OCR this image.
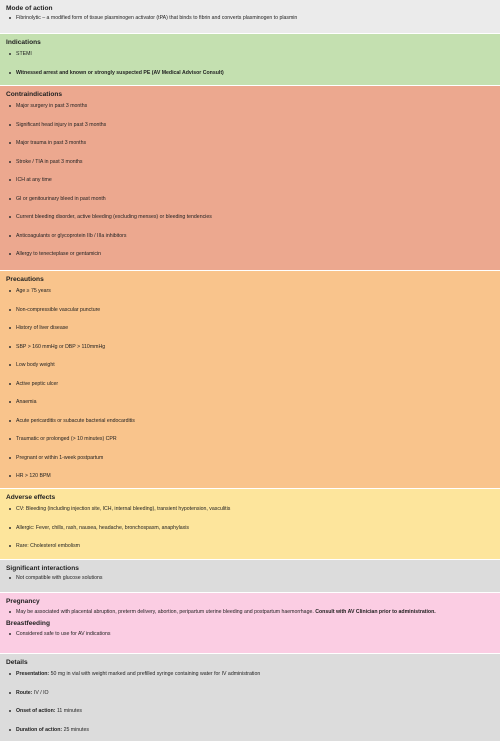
Mode of action
Fibrinolytic – a modified form of tissue plasminogen activator (tPA) that binds to fibrin and converts plasminogen to plasmin
Indications
STEMI
Witnessed arrest and known or strongly suspected PE (AV Medical Advisor Consult)
Contraindications
Major surgery in past 3 months
Significant head injury in past 3 months
Major trauma in past 3 months
Stroke / TIA in past 3 months
ICH at any time
GI or genitourinary bleed in past month
Current bleeding disorder, active bleeding (excluding menses) or bleeding tendencies
Anticoagulants or glycoprotein IIb / IIIa inhibitors
Allergy to tenecteplase or gentamicin
Precautions
Age ≥ 75 years
Non-compressible vascular puncture
History of liver disease
SBP > 160 mmHg or DBP > 110mmHg
Low body weight
Active peptic ulcer
Anaemia
Acute pericarditis or subacute bacterial endocarditis
Traumatic or prolonged (> 10 minutes) CPR
Pregnant or within 1-week postpartum
HR > 120 BPM
Adverse effects
CV: Bleeding (including injection site, ICH, internal bleeding), transient hypotension, vasculitis
Allergic: Fever, chills, rash, nausea, headache, bronchospasm, anaphylaxis
Rare: Cholesterol embolism
Significant interactions
Not compatible with glucose solutions
Pregnancy
May be associated with placental abruption, preterm delivery, abortion, peripartum uterine bleeding and postpartum haemorrhage. Consult with AV Clinician prior to administration.
Breastfeeding
Considered safe to use for AV indications
Details
Presentation: 50 mg in vial with weight marked and prefilled syringe containing water for IV administration
Route: IV / IO
Onset of action: 11 minutes
Duration of action: 25 minutes
